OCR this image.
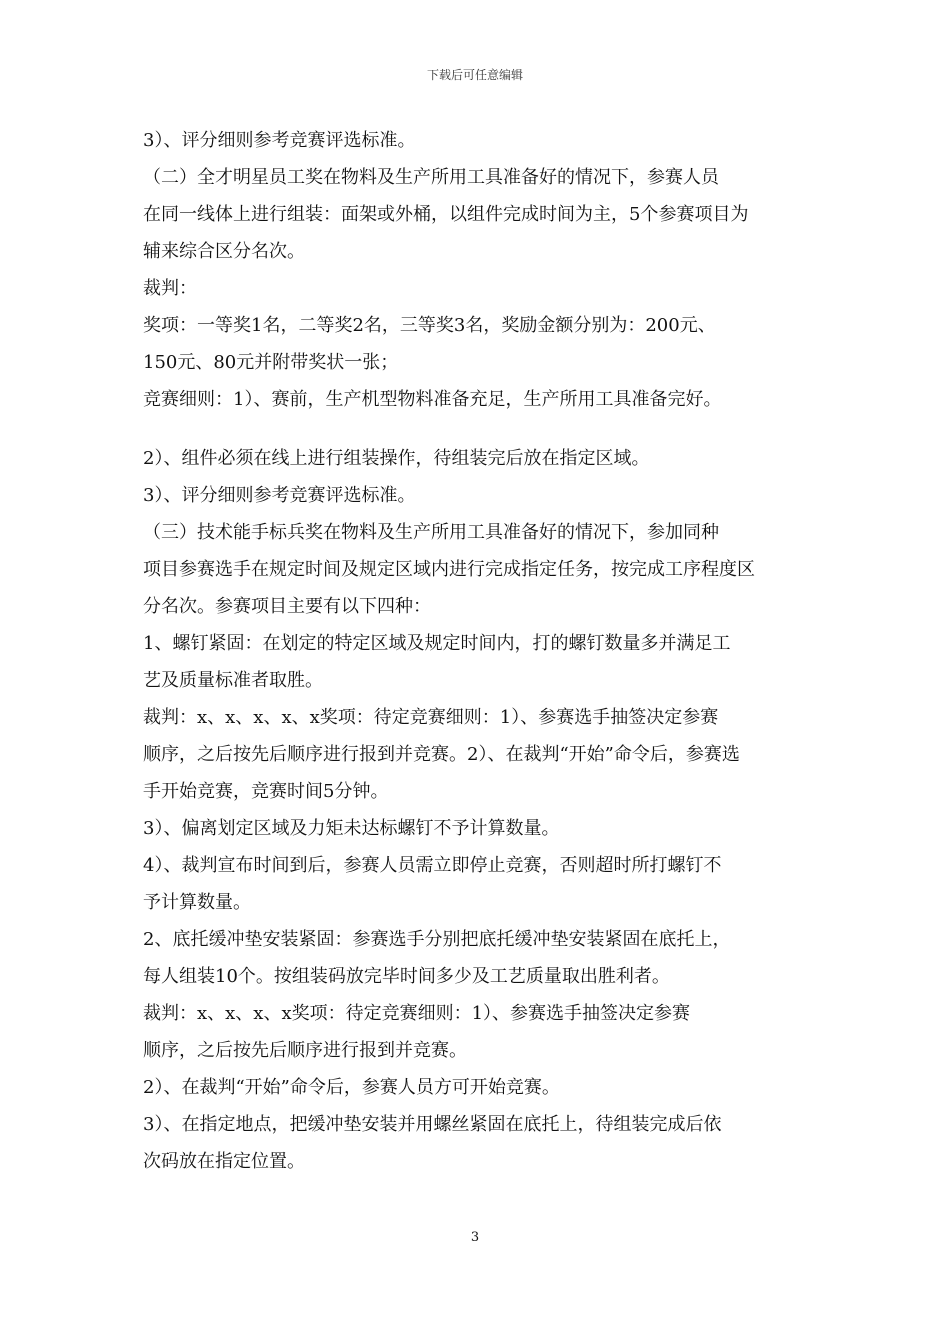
下载后可任意编辑

3）、评分细则参考竞赛评选标准。

（二）全才明星员工奖在物料及生产所用工具准备好的情况下，参赛人员

在同一线体上进行组装：面架或外桶，以组件完成时间为主，5个参赛项目为

辅来综合区分名次。

裁判：

奖项：一等奖1名，二等奖2名，三等奖3名，奖励金额分别为：200元、

150元、80元并附带奖状一张；

竞赛细则：1）、赛前，生产机型物料准备充足，生产所用工具准备完好。

2）、组件必须在线上进行组装操作，待组装完后放在指定区域。

3）、评分细则参考竞赛评选标准。

（三）技术能手标兵奖在物料及生产所用工具准备好的情况下，参加同种

项目参赛选手在规定时间及规定区域内进行完成指定任务，按完成工序程度区

分名次。参赛项目主要有以下四种：

1、螺钉紧固：在划定的特定区域及规定时间内，打的螺钉数量多并满足工

艺及质量标准者取胜。

裁判：x、x、x、x、x奖项：待定竞赛细则：1）、参赛选手抽签决定参赛

顺序，之后按先后顺序进行报到并竞赛。2）、在裁判“开始”命令后，参赛选

手开始竞赛，竞赛时间5分钟。

3）、偏离划定区域及力矩未达标螺钉不予计算数量。

4）、裁判宣布时间到后，参赛人员需立即停止竞赛，否则超时所打螺钉不

予计算数量。

2、底托缓冲垫安装紧固：参赛选手分别把底托缓冲垫安装紧固在底托上，

每人组装10个。按组装码放完毕时间多少及工艺质量取出胜利者。

裁判：x、x、x、x奖项：待定竞赛细则：1）、参赛选手抽签决定参赛

顺序，之后按先后顺序进行报到并竞赛。

2）、在裁判“开始”命令后，参赛人员方可开始竞赛。

3）、在指定地点，把缓冲垫安装并用螺丝紧固在底托上，待组装完成后依

次码放在指定位置。

3
